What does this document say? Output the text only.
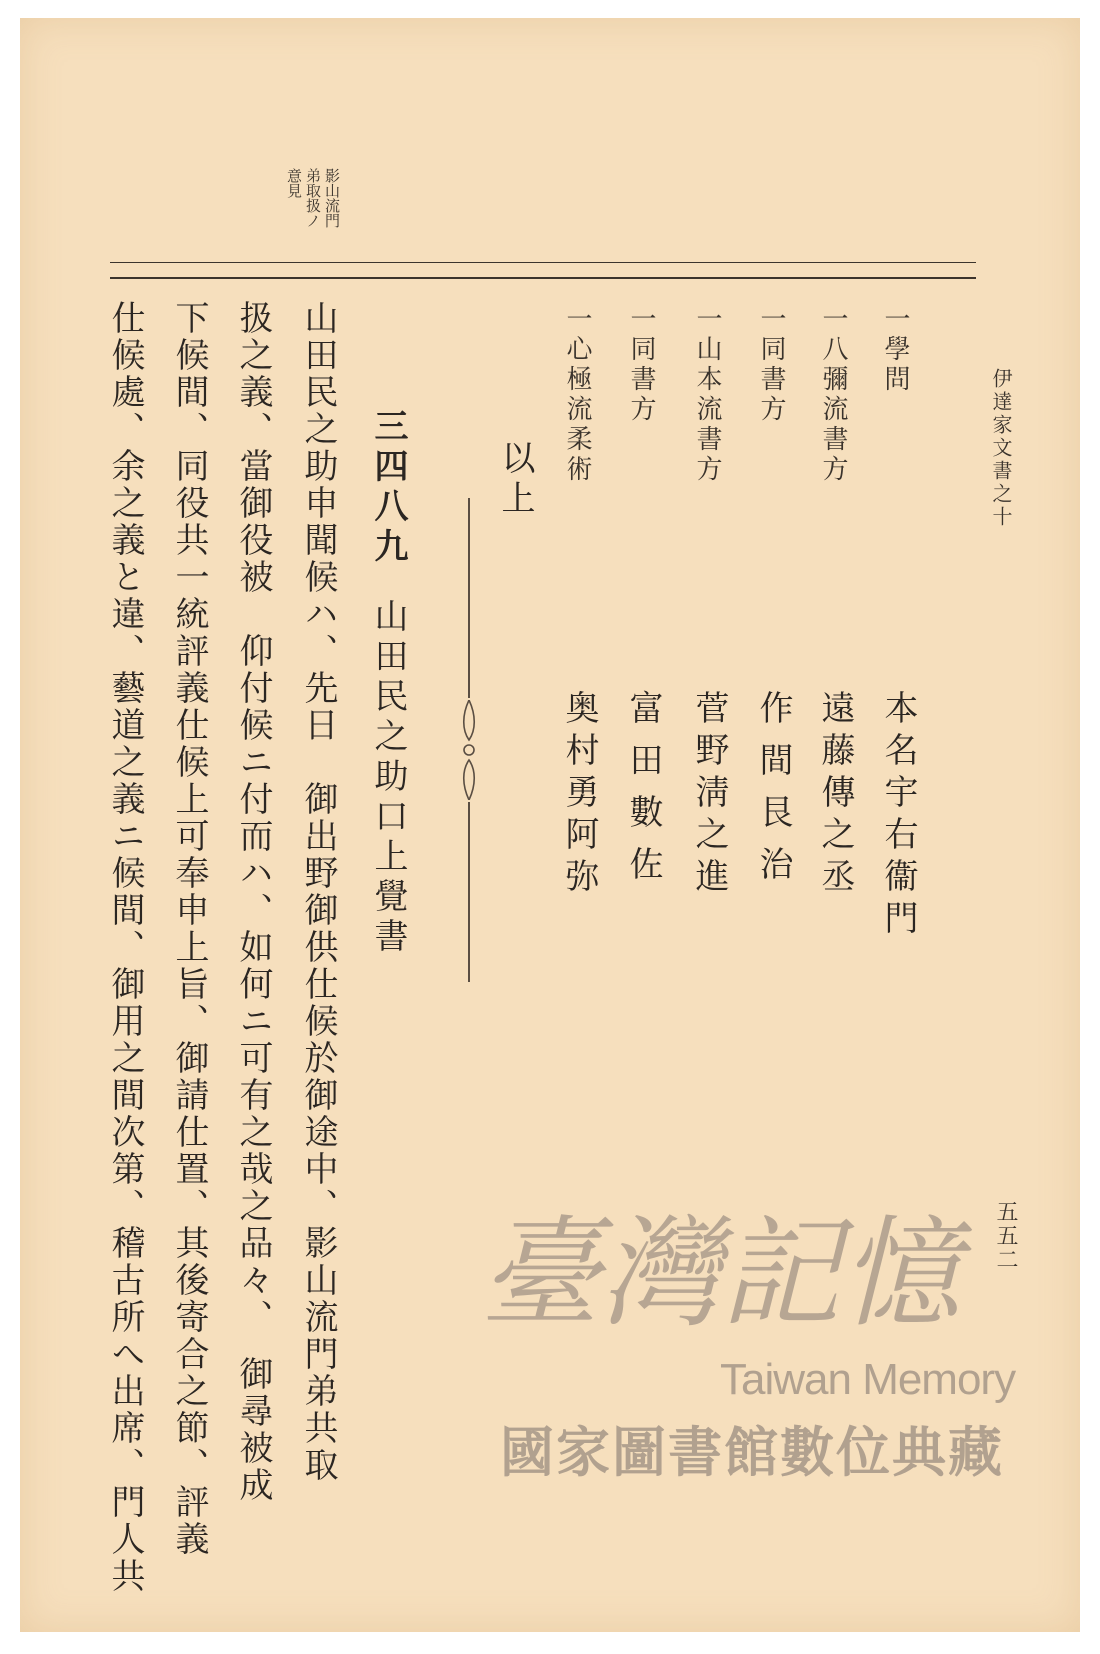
伊達家文書之十
五五二
影山流門
弟取扱ノ
意見
一學問
本名宇右衞門
一八彌流書方
遠藤傳之丞
一同書方
作間艮治
一山本流書方
菅野淸之進
一同書方
富田數佐
一心極流柔術
奥村勇阿弥
以上
三四八九山田民之助口上覺書
山田民之助申聞候ハ、先日　御出野御供仕候於御途中、影山流門弟共取
扱之義、當御役被　仰付候ニ付而ハ、如何ニ可有之哉之品々、　御尋被成
下候間、同役共一統評義仕候上可奉申上旨、御請仕置、其後寄合之節、評義
仕候處、余之義と違、藝道之義ニ候間、御用之間次第、稽古所へ出席、門人共	臺灣記憶
Taiwan Memory
國家圖書館數位典藏
